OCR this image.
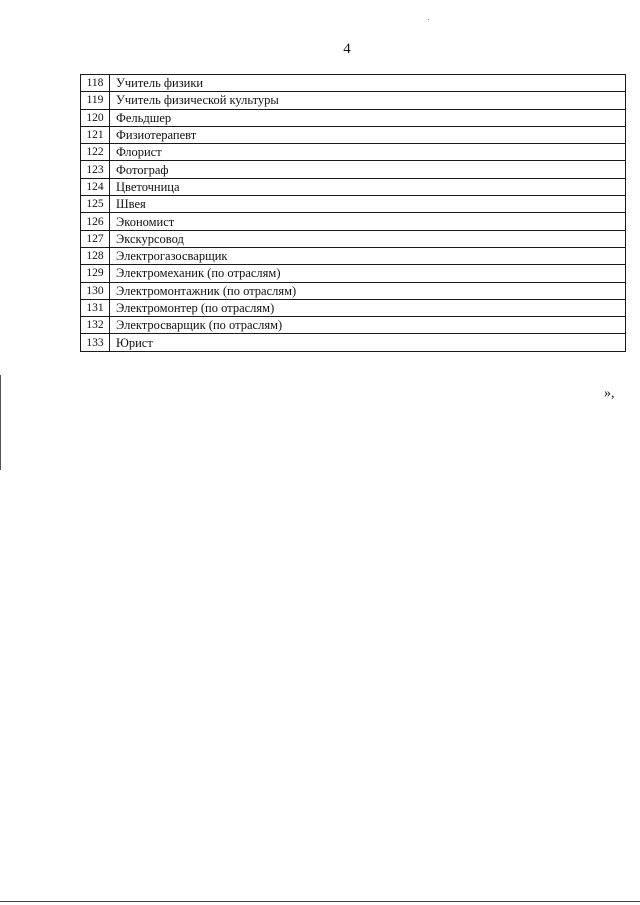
4
118	Учитель физики
119	Учитель физической культуры
120	Фельдшер
121	Физиотерапевт
122	Флорист
123	Фотограф
124	Цветочница
125	Швея
126	Экономист
127	Экскурсовод
128	Электрогазосварщик
129	Электромеханик (по отраслям)
130	Электромонтажник (по отраслям)
131	Электромонтер (по отраслям)
132	Электросварщик (по отраслям)
133	Юрист
»,
